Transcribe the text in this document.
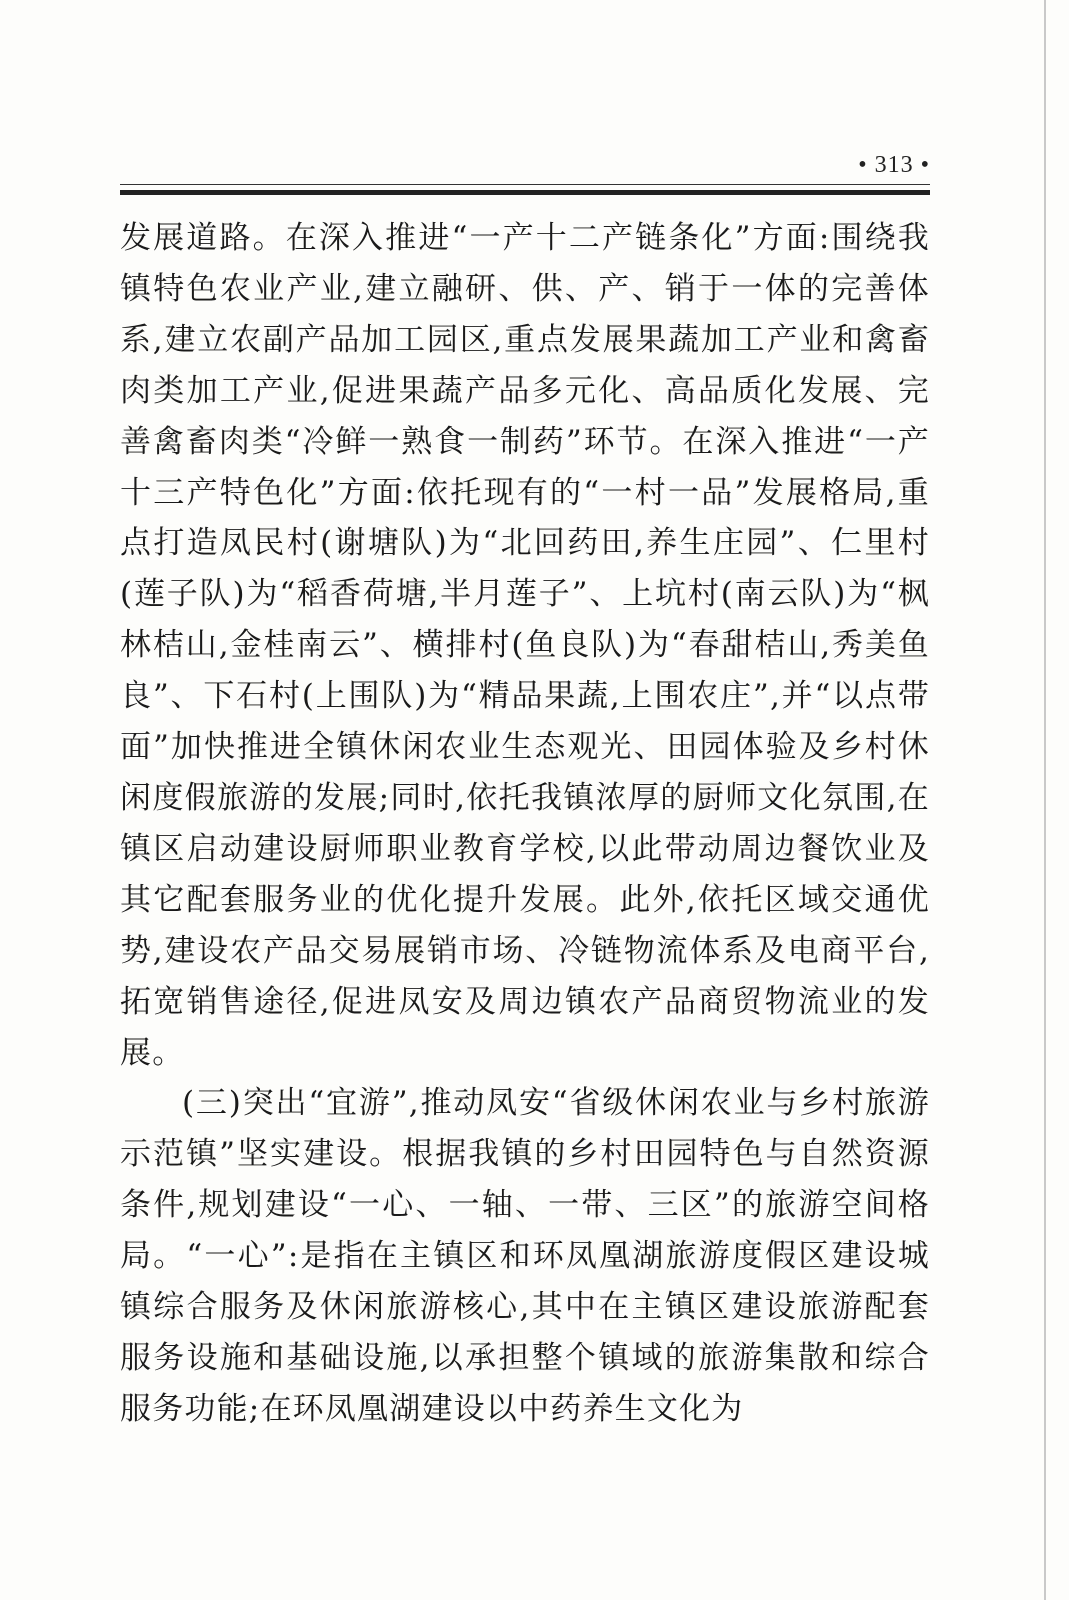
• 313 •

发展道路。在深入推进“一产十二产链条化”方面:围绕我镇特色农业产业,建立融研、供、产、销于一体的完善体系,建立农副产品加工园区,重点发展果蔬加工产业和禽畜肉类加工产业,促进果蔬产品多元化、高品质化发展、完善禽畜肉类“冷鲜一熟食一制药”环节。在深入推进“一产十三产特色化”方面:依托现有的“一村一品”发展格局,重点打造凤民村(谢塘队)为“北回药田,养生庄园”、仁里村(莲子队)为“稻香荷塘,半月莲子”、上坑村(南云队)为“枫林桔山,金桂南云”、横排村(鱼良队)为“春甜桔山,秀美鱼良”、下石村(上围队)为“精品果蔬,上围农庄”,并“以点带面”加快推进全镇休闲农业生态观光、田园体验及乡村休闲度假旅游的发展;同时,依托我镇浓厚的厨师文化氛围,在镇区启动建设厨师职业教育学校,以此带动周边餐饮业及其它配套服务业的优化提升发展。此外,依托区域交通优势,建设农产品交易展销市场、冷链物流体系及电商平台,拓宽销售途径,促进凤安及周边镇农产品商贸物流业的发展。

(三)突出“宜游”,推动凤安“省级休闲农业与乡村旅游示范镇”坚实建设。根据我镇的乡村田园特色与自然资源条件,规划建设“一心、一轴、一带、三区”的旅游空间格局。“一心”:是指在主镇区和环凤凰湖旅游度假区建设城镇综合服务及休闲旅游核心,其中在主镇区建设旅游配套服务设施和基础设施,以承担整个镇域的旅游集散和综合服务功能;在环凤凰湖建设以中药养生文化为
